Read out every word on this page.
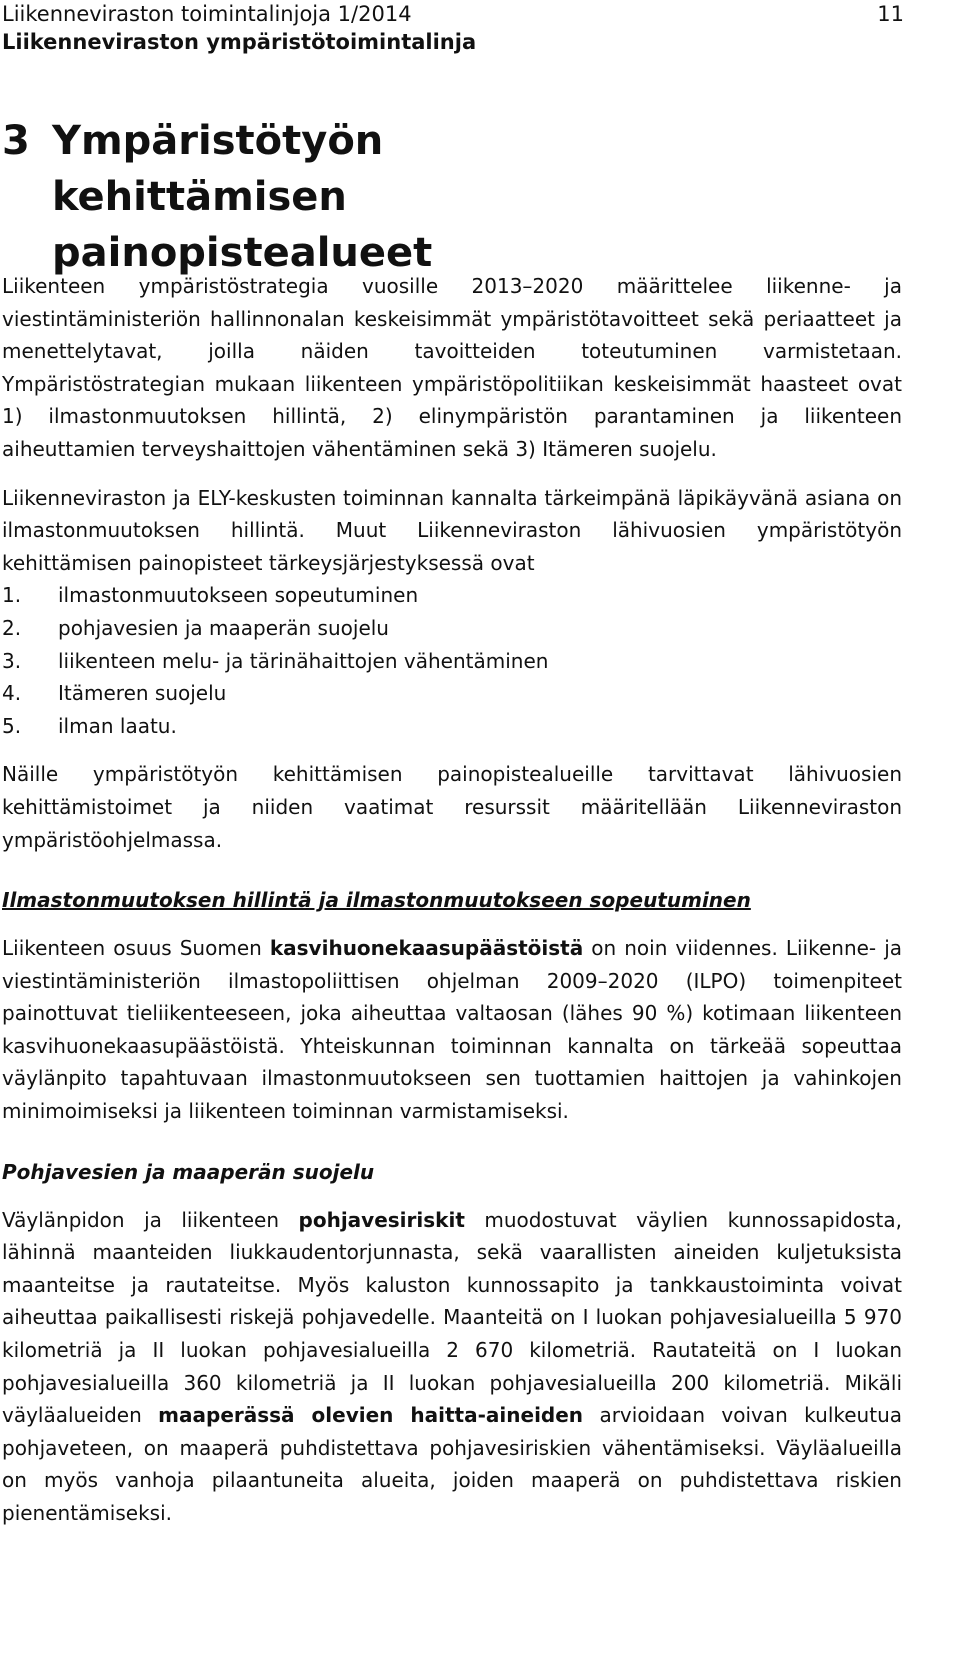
Liikenneviraston toimintalinjoja 1/2014
Liikenneviraston ympäristötoimintalinja
11
3 Ympäristötyön kehittämisen painopistealueet

Liikenteen ympäristöstrategia vuosille 2013–2020 määrittelee liikenne- ja viestintäministeriön hallinnonalan keskeisimmät ympäristötavoitteet sekä periaatteet ja menettelytavat, joilla näiden tavoitteiden toteutuminen varmistetaan. Ympäristöstrategian mukaan liikenteen ympäristöpolitiikan keskeisimmät haasteet ovat 1) ilmastonmuutoksen hillintä, 2) elinympäristön parantaminen ja liikenteen aiheuttamien terveyshaittojen vähentäminen sekä 3) Itämeren suojelu.

Liikenneviraston ja ELY-keskusten toiminnan kannalta tärkeimpänä läpikäyvänä asiana on ilmastonmuutoksen hillintä. Muut Liikenneviraston lähivuosien ympäristötyön kehittämisen painopisteet tärkeysjärjestyksessä ovat

1.	ilmastonmuutokseen sopeutuminen
2.	pohjavesien ja maaperän suojelu
3.	liikenteen melu- ja tärinähaittojen vähentäminen
4.	Itämeren suojelu
5.	ilman laatu.

Näille ympäristötyön kehittämisen painopistealueille tarvittavat lähivuosien kehittämistoimet ja niiden vaatimat resurssit määritellään Liikenneviraston ympäristöohjelmassa.

Ilmastonmuutoksen hillintä ja ilmastonmuutokseen sopeutuminen

Liikenteen osuus Suomen kasvihuonekaasupäästöistä on noin viidennes. Liikenne- ja viestintäministeriön ilmastopoliittisen ohjelman 2009–2020 (ILPO) toimenpiteet painottuvat tieliikenteeseen, joka aiheuttaa valtaosan (lähes 90 %) kotimaan liikenteen kasvihuonekaasupäästöistä. Yhteiskunnan toiminnan kannalta on tärkeää sopeuttaa väylänpito tapahtuvaan ilmastonmuutokseen sen tuottamien haittojen ja vahinkojen minimoimiseksi ja liikenteen toiminnan varmistamiseksi.

Pohjavesien ja maaperän suojelu

Väylänpidon ja liikenteen pohjavesiriskit muodostuvat väylien kunnossapidosta, lähinnä maanteiden liukkaudentorjunnasta, sekä vaarallisten aineiden kuljetuksista maanteitse ja rautateitse. Myös kaluston kunnossapito ja tankkaustoiminta voivat aiheuttaa paikallisesti riskejä pohjavedelle. Maanteitä on I luokan pohjavesialueilla 5 970 kilometriä ja II luokan pohjavesialueilla 2 670 kilometriä. Rautateitä on I luokan pohjavesialueilla 360 kilometriä ja II luokan pohjavesialueilla 200 kilometriä. Mikäli väyläalueiden maaperässä olevien haitta-aineiden arvioidaan voivan kulkeutua pohjaveteen, on maaperä puhdistettava pohjavesiriskien vähentämiseksi. Väyläalueilla on myös vanhoja pilaantuneita alueita, joiden maaperä on puhdistettava riskien pienentämiseksi.
